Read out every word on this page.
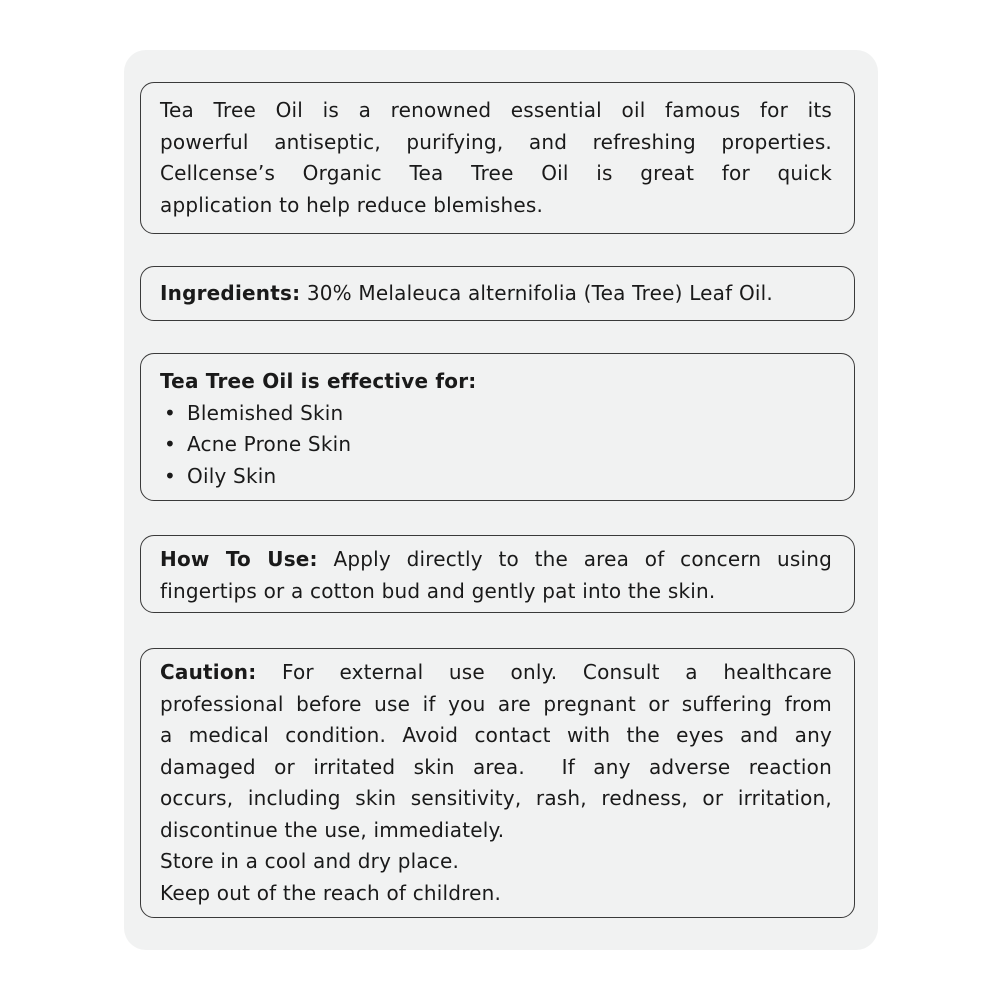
Tea Tree Oil is a renowned essential oil famous for its
powerful antiseptic, purifying, and refreshing properties.
Cellcense’s Organic Tea Tree Oil is great for quick
application to help reduce blemishes.
Ingredients: 30% Melaleuca alternifolia (Tea Tree) Leaf Oil.
Tea Tree Oil is effective for:
• Blemished Skin
• Acne Prone Skin
• Oily Skin
How To Use: Apply directly to the area of concern using
fingertips or a cotton bud and gently pat into the skin.
Caution: For external use only. Consult a healthcare
professional before use if you are pregnant or suffering from
a medical condition. Avoid contact with the eyes and any
damaged or irritated skin area.  If any adverse reaction
occurs, including skin sensitivity, rash, redness, or irritation,
discontinue the use, immediately.
Store in a cool and dry place.
Keep out of the reach of children.
